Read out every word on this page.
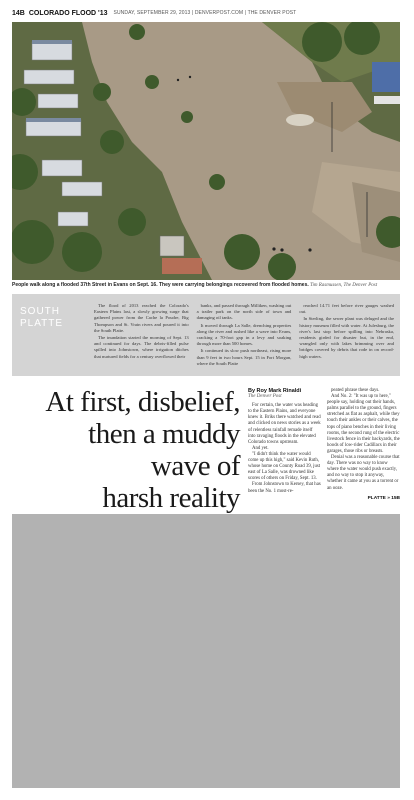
14B COLORADO FLOOD '13 SUNDAY, SEPTEMBER 29, 2013 | DENVERPOST.COM | THE DENVER POST
People walk along a flooded 37th Street in Evans on Sept. 16. They were carrying belongings recovered from flooded homes. Tim Rasmussen, The Denver Post
SOUTH
PLATTE

The flood of 2013 reached the Colorado's Eastern Plains last, a slowly growing surge that gathered power from the Cache la Poudre, Big Thompson and St. Vrain rivers and poured it into the South Platte.

The inundation started the morning of Sept. 13 and continued for days. The debris-filled pulse spilled into Johnstown, where irrigation ditches that nurtured fields for a century overflowed their

banks, and passed through Milliken, washing out a trailer park on the north side of town and damaging oil tanks.

It moved through La Salle, drenching properties along the river and rushed like a wave into Evans, cracking a 70-foot gap in a levy and soaking through more than 500 homes.

It continued its slow push northeast, rising more than 9 feet in two hours Sept. 15 in Fort Morgan, where the South Platte

reached 14.71 feet before river gauges washed out.

In Sterling, the sewer plant was deluged and the history museum filled with water. At Julesburg, the river's last stop before spilling into Nebraska, residents girded for disaster but, in the end, wrangled only with lakes brimming over and bridges covered by debris that rode in on record-high waters.

At first, disbelief,
then a muddy
wave of
harsh reality

By Roy Mark Rinaldi

The Denver Post

For certain, the water was heading to the Eastern Plains, and everyone knew it. Briks there watched and read and clicked on news stories as a week of relentless rainfall remade itself into ravaging floods in the elevated Colorado towns upstream.

And yet.

"I didn't think the water would come up this high," said Kevin Ruth, whose home on County Road 39, just east of La Salle, was drowned like scores of others on Friday, Sept. 13.

From Johnstown to Kersey, that has been the No. 1 most-re-

peated phrase these days.

And No. 2: "It was up to here," people say, holding out their hands, palms parallel to the ground, fingers stretched as flat as asphalt, while they touch their ankles or their calves, the tops of piano benches in their living rooms, the second rung of the electric livestock fence in their backyards, the hoods of low-rider Cadillacs in their garages, those ribs or breasts.

Denial was a reasonable course that day. There was no way to know where the water would push exactly, and no way to stop it anyway, whether it came at you as a torrent or an ooze.

PLATTE » 15B
